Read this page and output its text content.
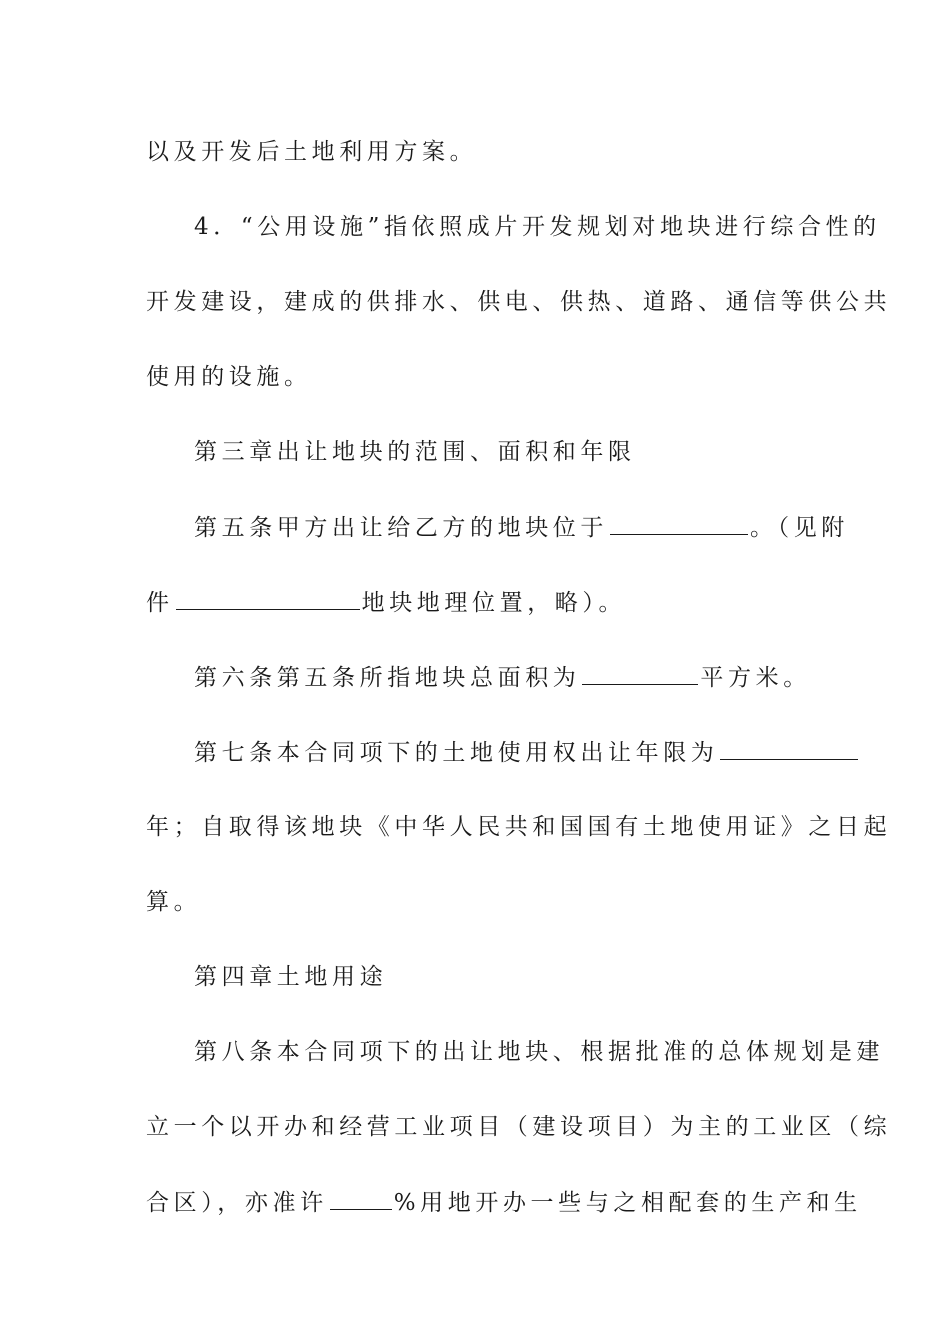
以及开发后土地利用方案。
4．“公用设施”指依照成片开发规划对地块进行综合性的
开发建设，建成的供排水、供电、供热、道路、通信等供公共
使用的设施。
第三章出让地块的范围、面积和年限
第五条甲方出让给乙方的地块位于	。（见附
件	地块地理位置，略）。
第六条第五条所指地块总面积为	平方米。
第七条本合同项下的土地使用权出让年限为
年；自取得该地块《中华人民共和国国有土地使用证》之日起
算。
第四章土地用途
第八条本合同项下的出让地块、根据批准的总体规划是建
立一个以开办和经营工业项目（建设项目）为主的工业区（综
合区），亦准许	%用地开办一些与之相配套的生产和生
